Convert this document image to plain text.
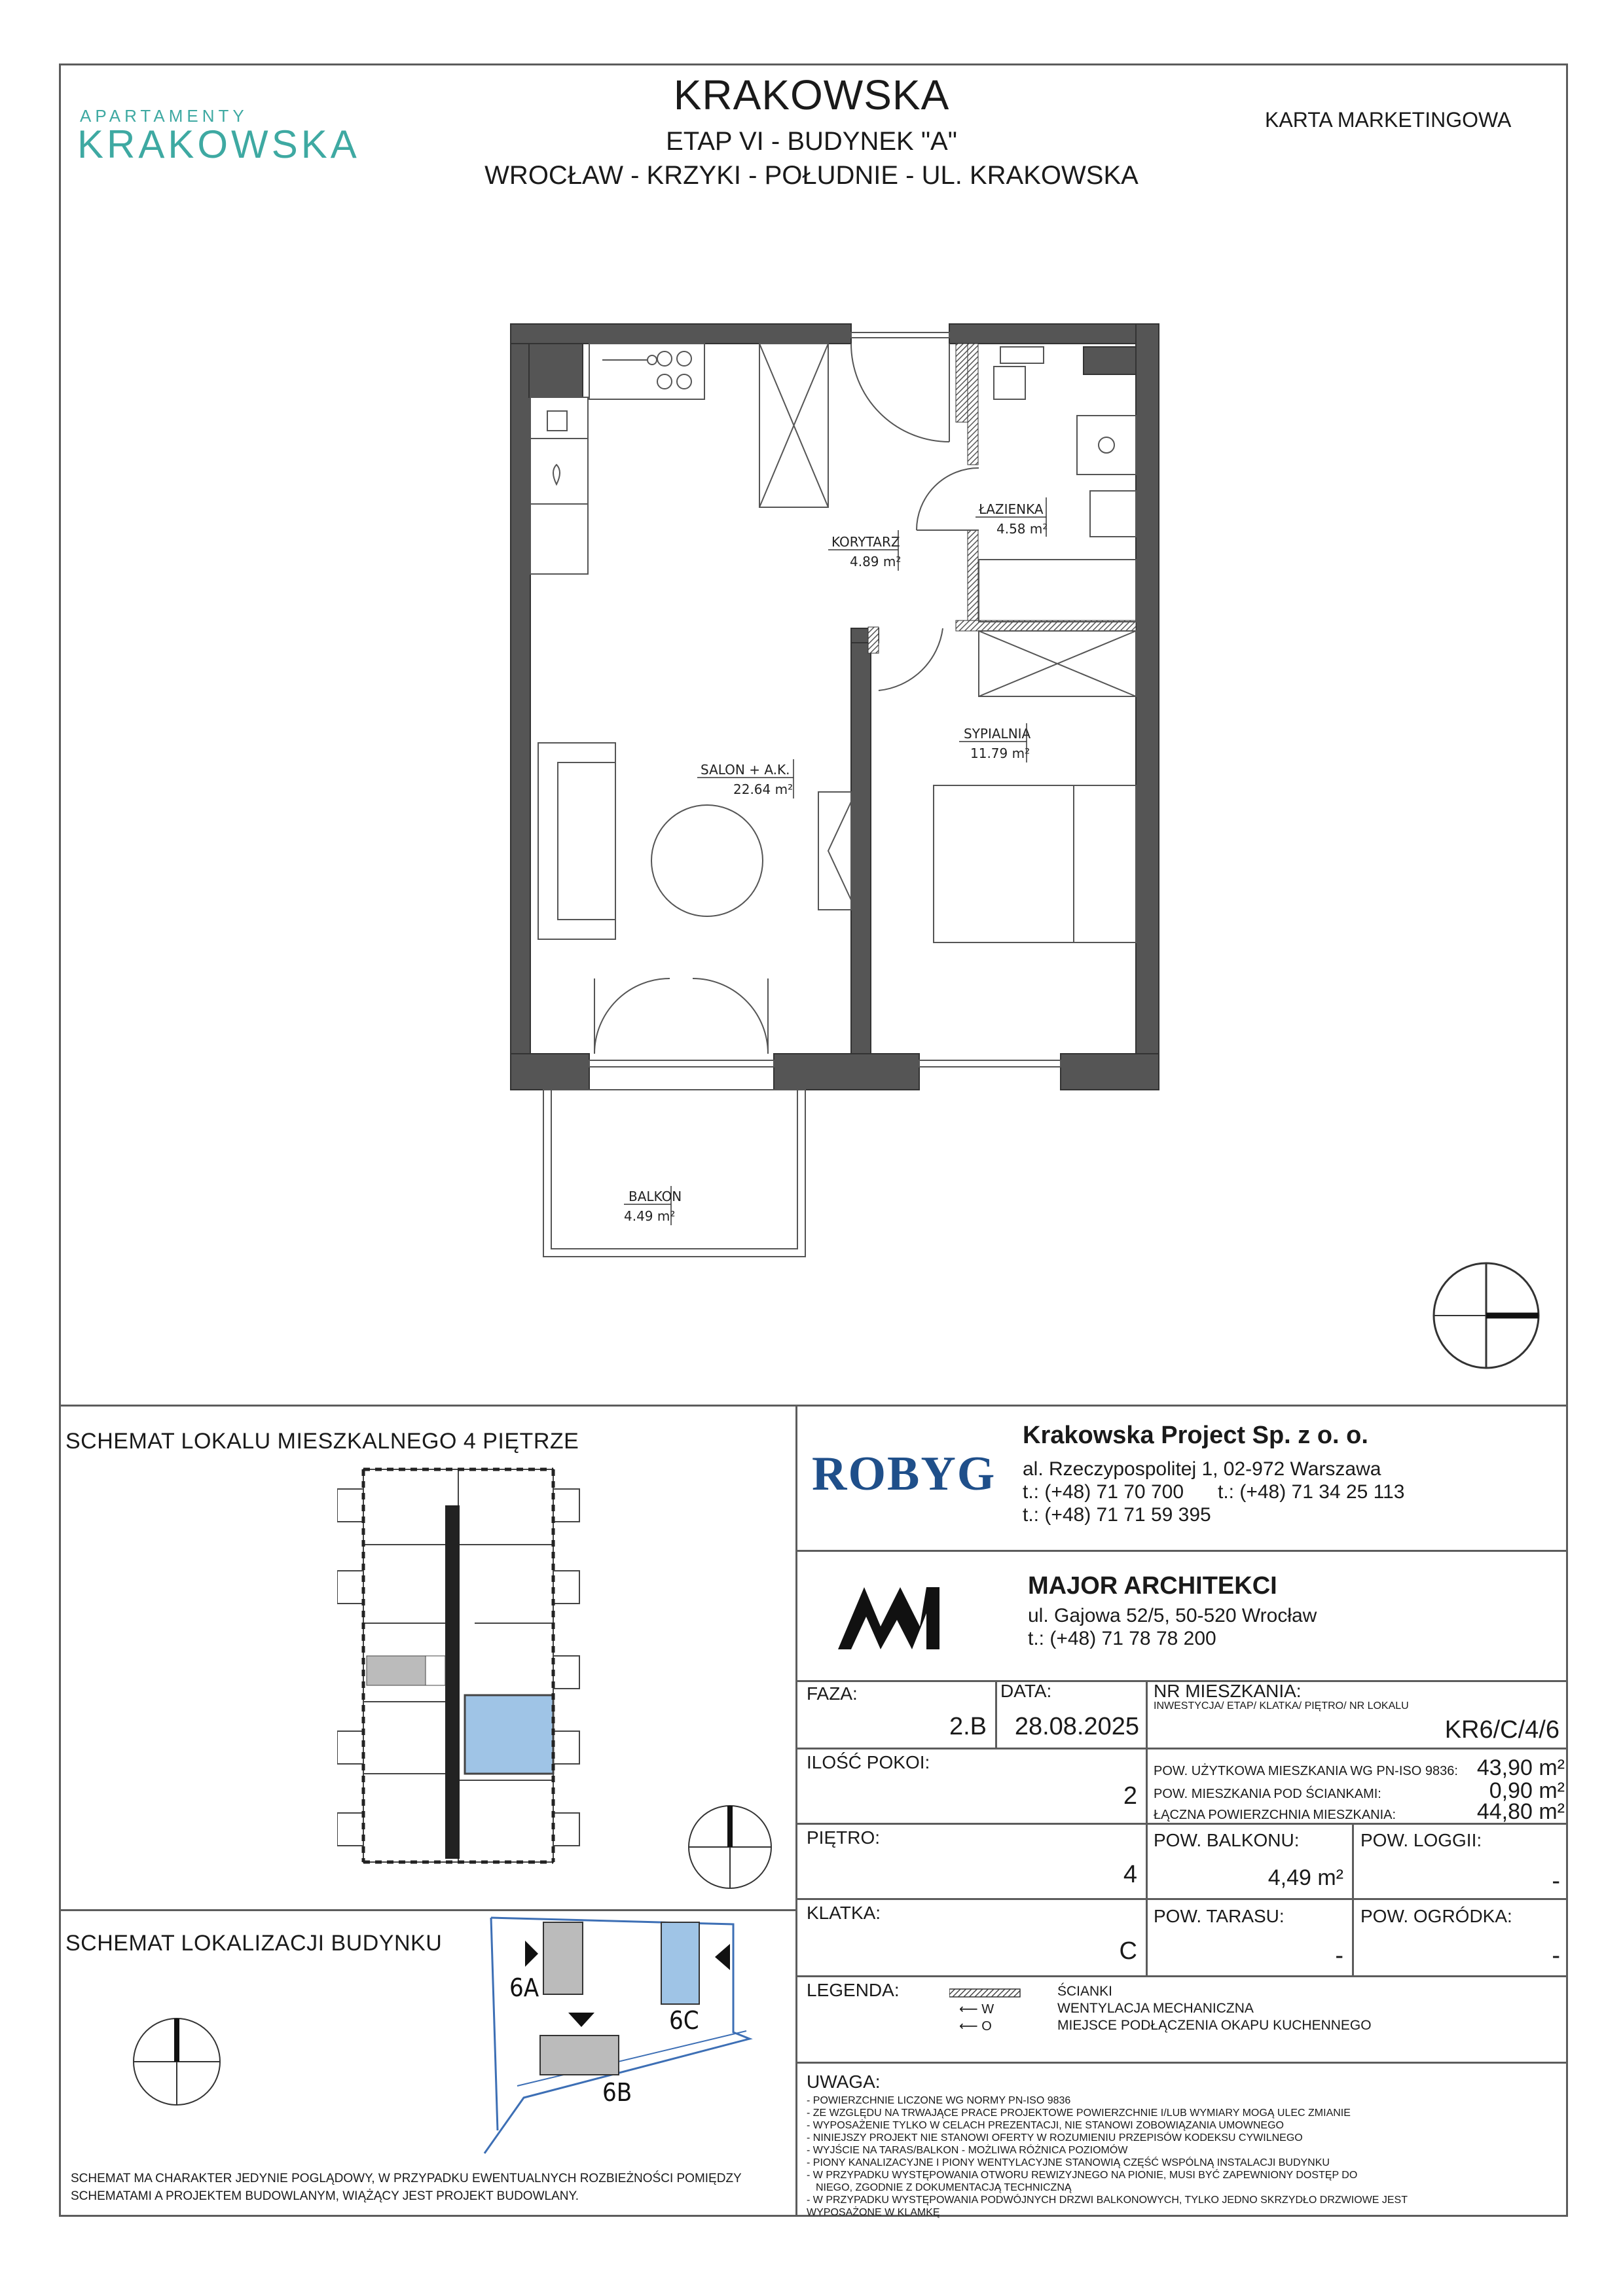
APARTAMENTY
KRAKOWSKA
KRAKOWSKA
ETAP VI - BUDYNEK "A"
WROCŁAW - KRZYKI - POŁUDNIE - UL. KRAKOWSKA
KARTA MARKETINGOWA
KORYTARZ
4.89 m²
ŁAZIENKA
4.58 m²
SALON + A.K.
22.64 m²
SYPIALNIA
11.79 m²
BALKON
4.49 m²
SCHEMAT LOKALU MIESZKALNEGO 4 PIĘTRZE
SCHEMAT LOKALIZACJI BUDYNKU
6A
6B
6C
SCHEMAT MA CHARAKTER JEDYNIE POGLĄDOWY, W PRZYPADKU EWENTUALNYCH ROZBIEŻNOŚCI POMIĘDZY SCHEMATAMI A PROJEKTEM BUDOWLANYM, WIĄŻĄCY JEST PROJEKT BUDOWLANY.
ROBYG
Krakowska Project Sp. z o. o.
al. Rzeczypospolitej 1, 02-972 Warszawa
t.: (+48) 71 70 700 t.: (+48) 71 34 25 113
t.: (+48) 71 71 59 395
MAJOR ARCHITEKCI
ul. Gajowa 52/5, 50-520 Wrocław
t.: (+48) 71 78 78 200
FAZA:
2.B
DATA:
28.08.2025
NR MIESZKANIA:
INWESTYCJA/ ETAP/ KLATKA/ PIĘTRO/ NR LOKALU
KR6/C/4/6
ILOŚĆ POKOI:
2
POW. UŻYTKOWA MIESZKANIA WG PN-ISO 9836: 43,90 m²
POW. MIESZKANIA POD ŚCIANKAMI:	0,90 m²
ŁĄCZNA POWIERZCHNIA MIESZKANIA:	44,80 m²
PIĘTRO:
4
POW. BALKONU:
4,49 m²
POW. LOGGII:
-
KLATKA:
C
POW. TARASU:
-
POW. OGRÓDKA:
-
LEGENDA:	ŚCIANKI
⟵ W	WENTYLACJA MECHANICZNA
⟵ O	MIEJSCE PODŁĄCZENIA OKAPU KUCHENNEGO
UWAGA:
- POWIERZCHNIE LICZONE WG NORMY PN-ISO 9836
- ZE WZGLĘDU NA TRWAJĄCE PRACE PROJEKTOWE POWIERZCHNIE I/LUB WYMIARY MOGĄ ULEC ZMIANIE
- WYPOSAŻENIE TYLKO W CELACH PREZENTACJI, NIE STANOWI ZOBOWIĄZANIA UMOWNEGO
- NINIEJSZY PROJEKT NIE STANOWI OFERTY W ROZUMIENIU PRZEPISÓW KODEKSU CYWILNEGO
- WYJŚCIE NA TARAS/BALKON - MOŻLIWA RÓŻNICA POZIOMÓW
- PIONY KANALIZACYJNE I PIONY WENTYLACYJNE STANOWIĄ CZĘŚĆ WSPÓLNĄ INSTALACJI BUDYNKU
- W PRZYPADKU WYSTĘPOWANIA OTWORU REWIZYJNEGO NA PIONIE, MUSI BYĆ ZAPEWNIONY DOSTĘP DO
NIEGO, ZGODNIE Z DOKUMENTACJĄ TECHNICZNĄ
- W PRZYPADKU WYSTĘPOWANIA PODWÓJNYCH DRZWI BALKONOWYCH, TYLKO JEDNO SKRZYDŁO DRZWIOWE JEST
WYPOSAŻONE W KLAMKĘ
